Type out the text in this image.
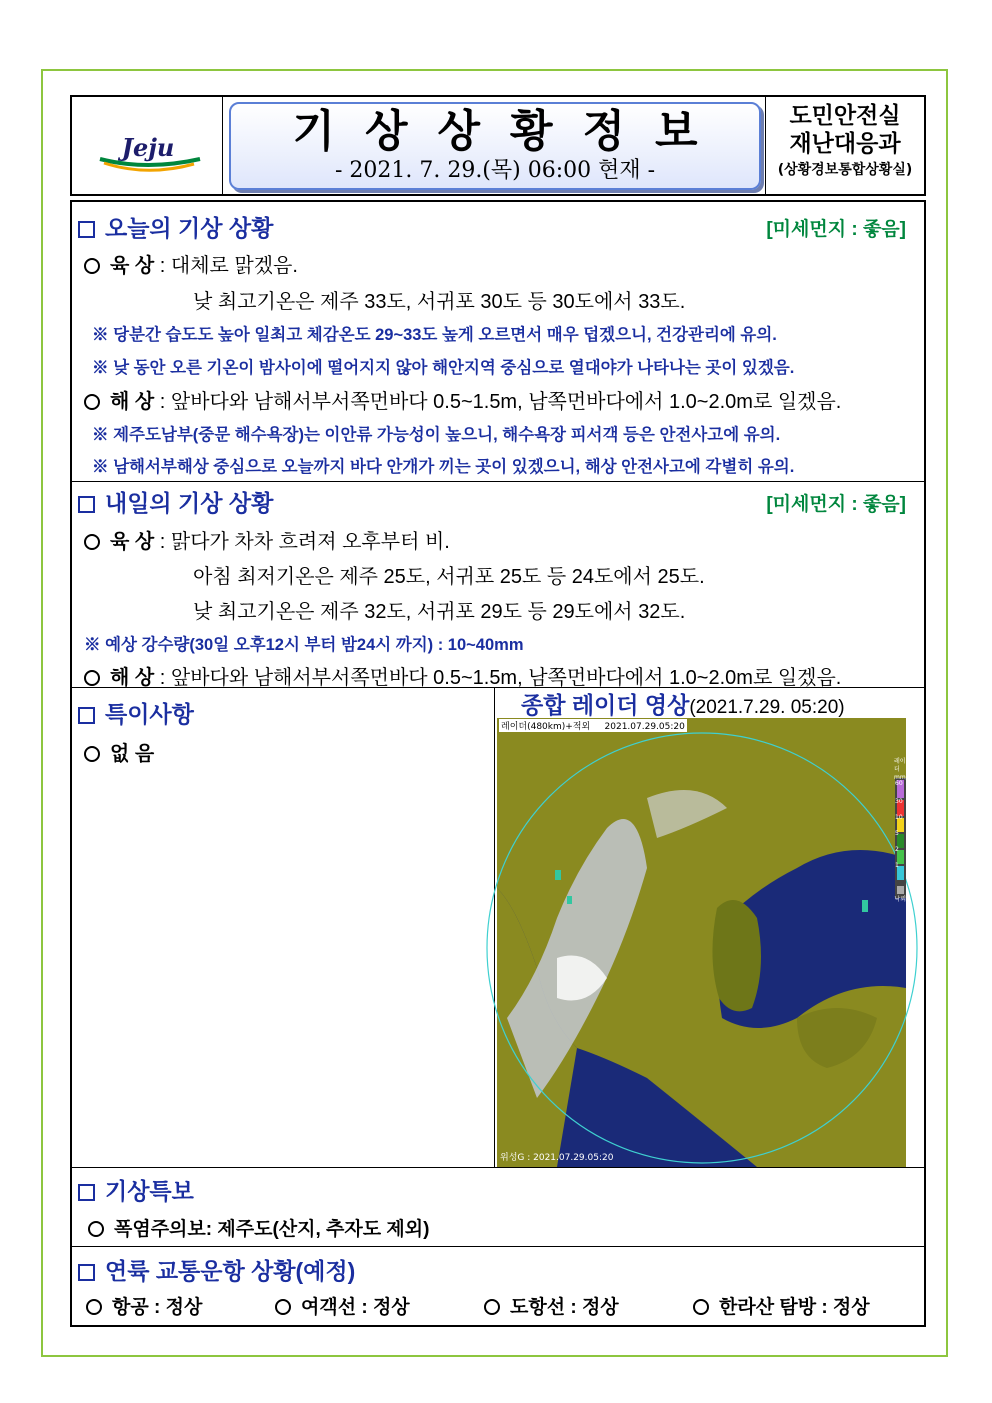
Jeju	기상상황정보
- 2021. 7. 29.(목) 06:00 현재 -
도민안전실
재난대응과
(상황경보통합상황실)
오늘의 기상 상황	[미세먼지 : 좋음]
육 상 : 대체로 맑겠음.
낮 최고기온은 제주 33도, 서귀포 30도 등 30도에서 33도.
※ 당분간 습도도 높아 일최고 체감온도 29~33도 높게 오르면서 매우 덥겠으니, 건강관리에 유의.
※ 낮 동안 오른 기온이 밤사이에 떨어지지 않아 해안지역 중심으로 열대야가 나타나는 곳이 있겠음.
해 상 : 앞바다와 남해서부서쪽먼바다 0.5~1.5m, 남쪽먼바다에서 1.0~2.0m로 일겠음.
※ 제주도남부(중문 해수욕장)는 이안류 가능성이 높으니, 해수욕장 피서객 등은 안전사고에 유의.
※ 남해서부해상 중심으로 오늘까지 바다 안개가 끼는 곳이 있겠으니, 해상 안전사고에 각별히 유의.
내일의 기상 상황	[미세먼지 : 좋음]
육 상 : 맑다가 차차 흐려져 오후부터 비.
아침 최저기온은 제주 25도, 서귀포 25도 등 24도에서 25도.
낮 최고기온은 제주 32도, 서귀포 29도 등 29도에서 32도.
※ 예상 강수량(30일 오후12시 부터 밤24시 까지) : 10~40mm
해 상 : 앞바다와 남해서부서쪽먼바다 0.5~1.5m, 남쪽먼바다에서 1.0~2.0m로 일겠음.
특이사항
없 음
종합 레이더 영상(2021.7.29. 05:20)
레이더(480km)+적외 2021.07.29.05:20
위성G : 2021.07.29.05:20
레이더
mm/h
60
30
10
5
2
1
낙뢰
기상특보
폭염주의보: 제주도(산지, 추자도 제외)
연륙 교통운항 상황(예정)
항공 : 정상	여객선 : 정상	도항선 : 정상	한라산 탐방 : 정상
